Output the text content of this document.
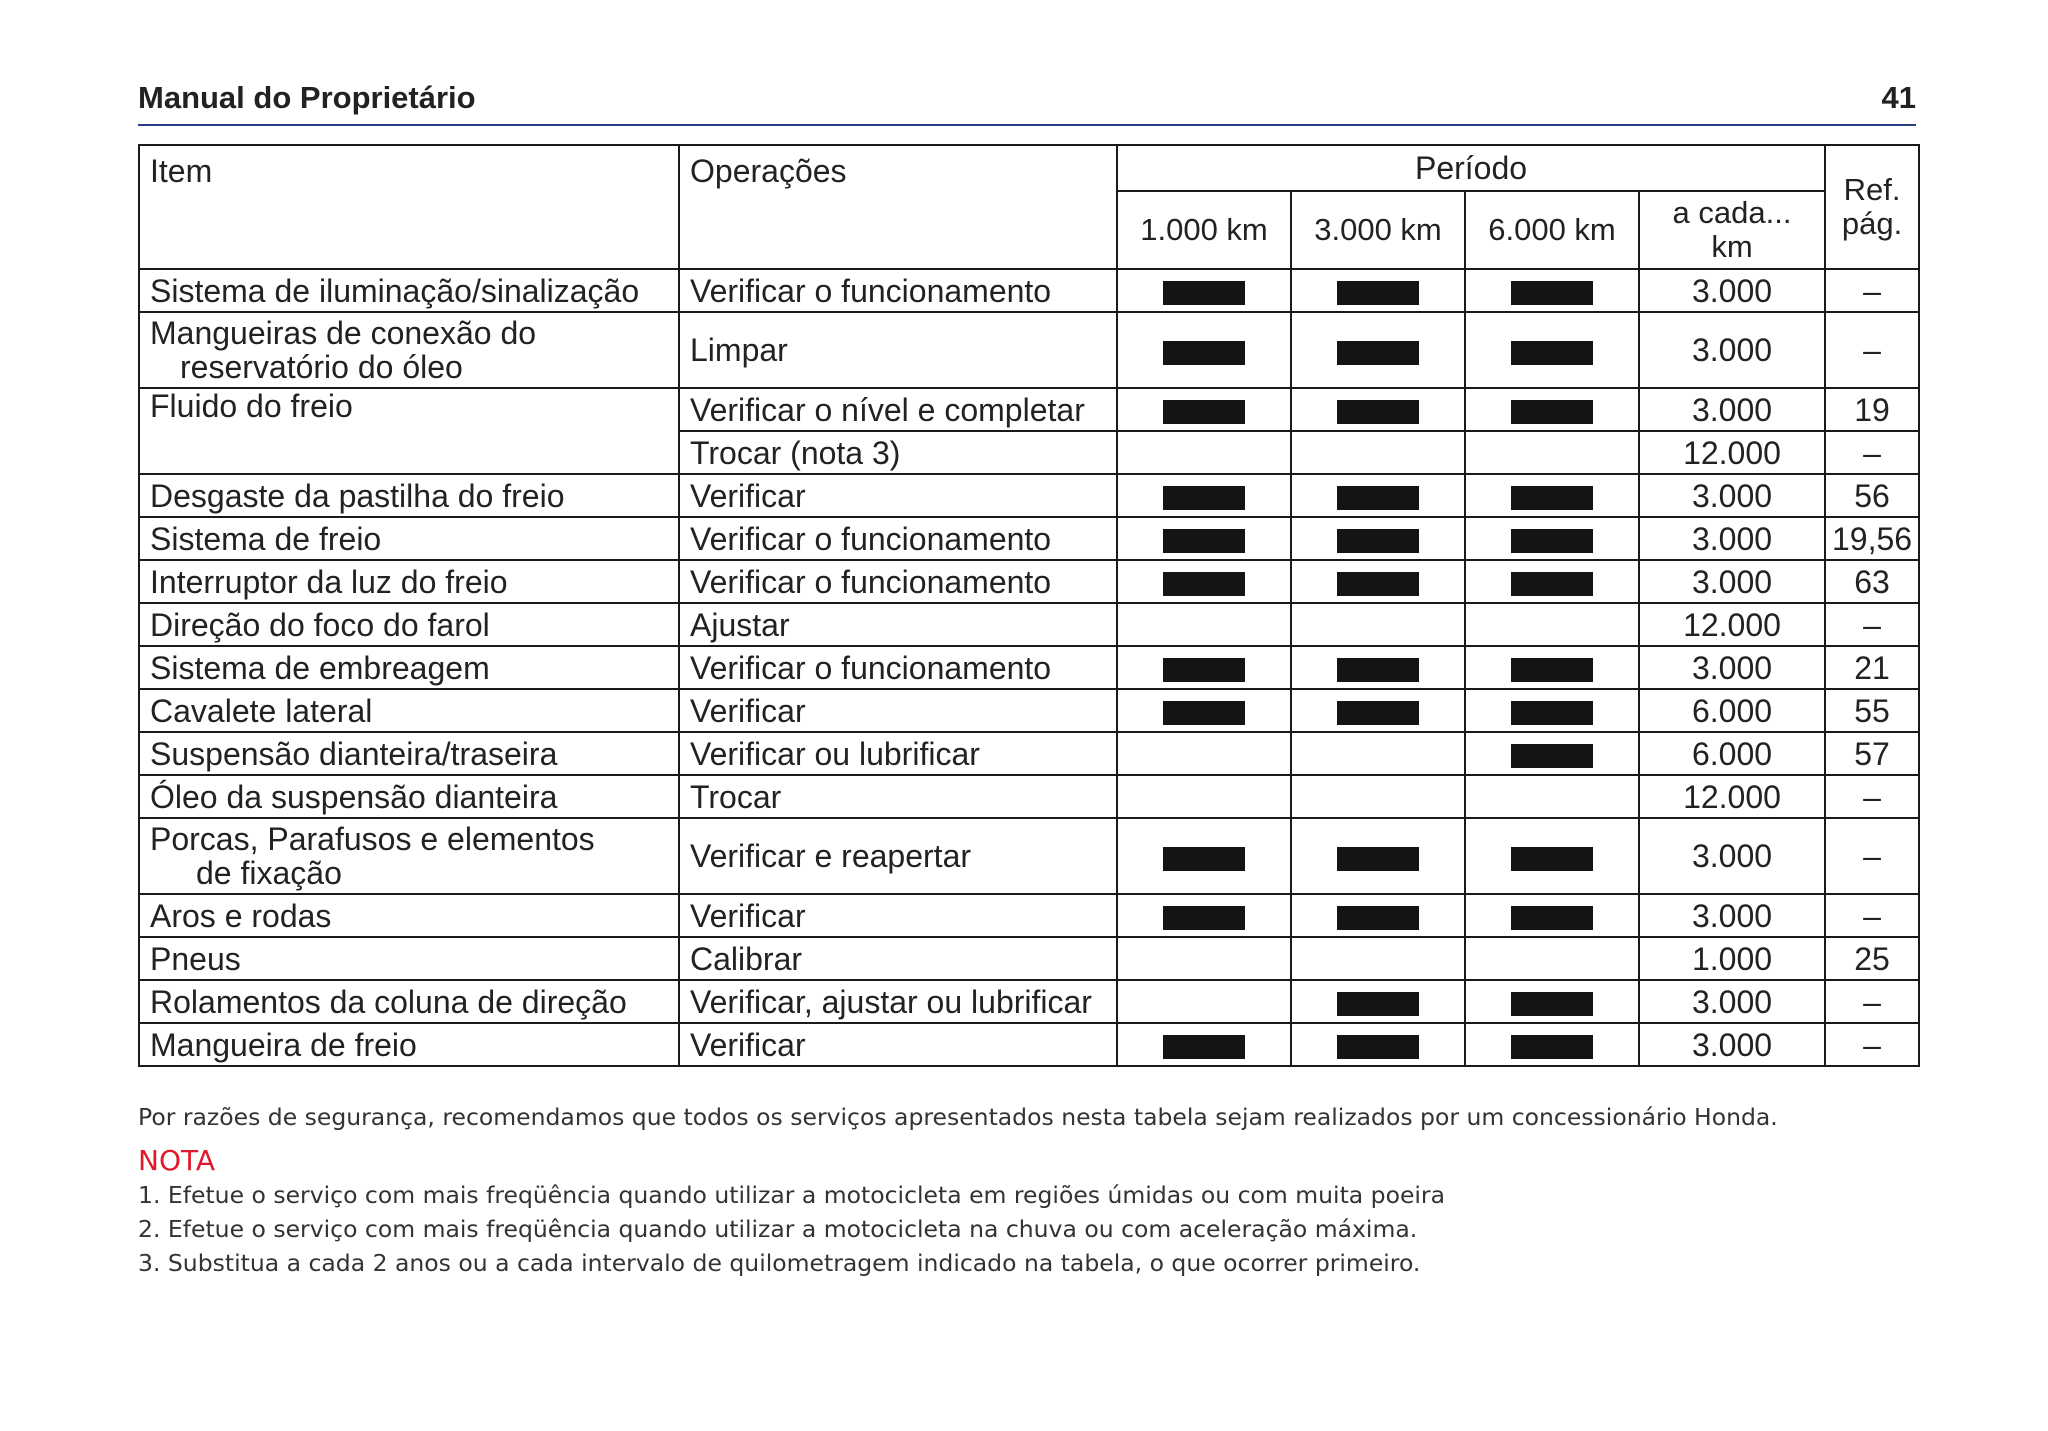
Manual do Proprietário	41
Item	Operações	Período				Ref.
pág.

		1.000 km	3.000 km	6.000 km	a cada...
km	

Sistema de iluminação/sinalização	Verificar o funcionamento				3.000	–

Mangueiras de conexão do
reservatório do óleo	Limpar				3.000	–
Fluido do freio	Verificar o nível e completar				3.000	19
	Trocar (nota 3)				12.000	–
Desgaste da pastilha do freio	Verificar				3.000	56
Sistema de freio	Verificar o funcionamento				3.000	19,56
Interruptor da luz do freio	Verificar o funcionamento				3.000	63
Direção do foco do farol	Ajustar				12.000	–
Sistema de embreagem	Verificar o funcionamento				3.000	21
Cavalete lateral	Verificar				6.000	55
Suspensão dianteira/traseira	Verificar ou lubrificar				6.000	57
Óleo da suspensão dianteira	Trocar				12.000	–

Porcas, Parafusos e elementos
de fixação	Verificar e reapertar				3.000	–
Aros e rodas	Verificar				3.000	–
Pneus	Calibrar				1.000	25
Rolamentos da coluna de direção	Verificar, ajustar ou lubrificar				3.000	–
Mangueira de freio	Verificar				3.000	–

Por razões de segurança, recomendamos que todos os serviços apresentados nesta tabela sejam realizados por um concessionário Honda.

NOTA

1. Efetue o serviço com mais freqüência quando utilizar a motocicleta em regiões úmidas ou com muita poeira

2. Efetue o serviço com mais freqüência quando utilizar a motocicleta na chuva ou com aceleração máxima.

3. Substitua a cada 2 anos ou a cada intervalo de quilometragem indicado na tabela, o que ocorrer primeiro.
